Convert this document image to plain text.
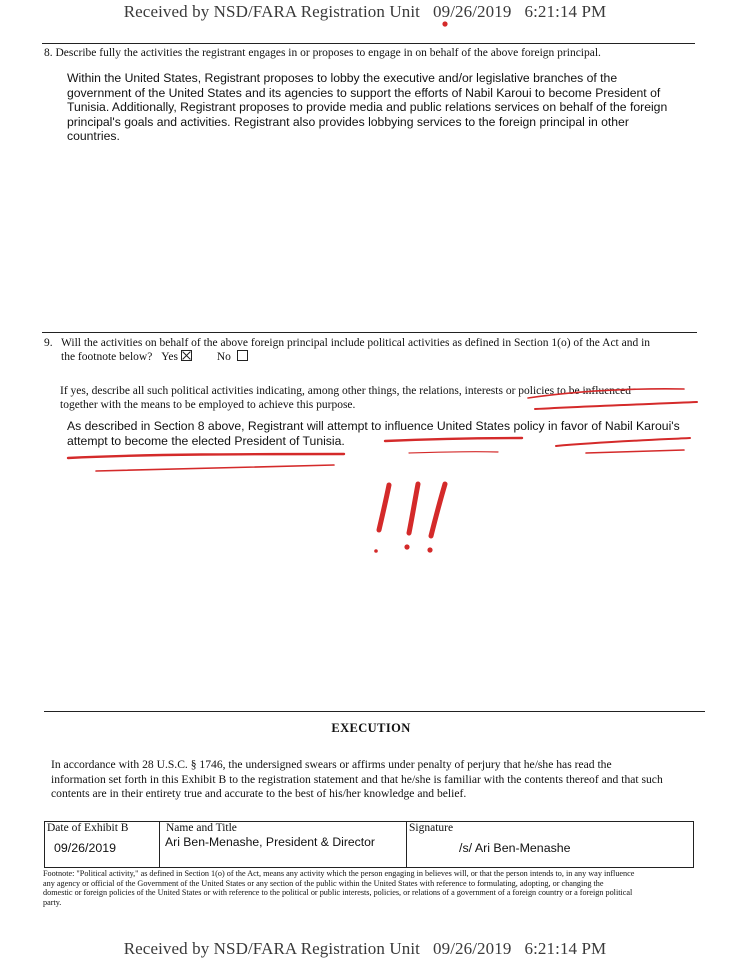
Received by NSD/FARA Registration Unit   09/26/2019   6:21:14 PM
8. Describe fully the activities the registrant engages in or proposes to engage in on behalf of the above foreign principal.
Within the United States, Registrant proposes to lobby the executive and/or legislative branches of the
government of the United States and its agencies to support the efforts of Nabil Karoui to become President of
Tunisia. Additionally, Registrant proposes to provide media and public relations services on behalf of the foreign
principal's goals and activities. Registrant also provides lobbying services to the foreign principal in other
countries.
9. Will the activities on behalf of the above foreign principal include political activities as defined in Section 1(o) of the Act and in
the footnote below? Yes	No
If yes, describe all such political activities indicating, among other things, the relations, interests or policies to be influenced
together with the means to be employed to achieve this purpose.
As described in Section 8 above, Registrant will attempt to influence United States policy in favor of Nabil Karoui's
attempt to become the elected President of Tunisia.
EXECUTION
In accordance with 28 U.S.C. § 1746, the undersigned swears or affirms under penalty of perjury that he/she has read the
information set forth in this Exhibit B to the registration statement and that he/she is familiar with the contents thereof and that such
contents are in their entirety true and accurate to the best of his/her knowledge and belief.
Date of Exhibit B
09/26/2019

Name and Title
Ari Ben-Menashe, President & Director

Signature
/s/ Ari Ben-Menashe
Footnote: "Political activity," as defined in Section 1(o) of the Act, means any activity which the person engaging in believes will, or that the person intends to, in any way influence
any agency or official of the Government of the United States or any section of the public within the United States with reference to formulating, adopting, or changing the
domestic or foreign policies of the United States or with reference to the political or public interests, policies, or relations of a government of a foreign country or a foreign political
party.
Received by NSD/FARA Registration Unit   09/26/2019   6:21:14 PM
